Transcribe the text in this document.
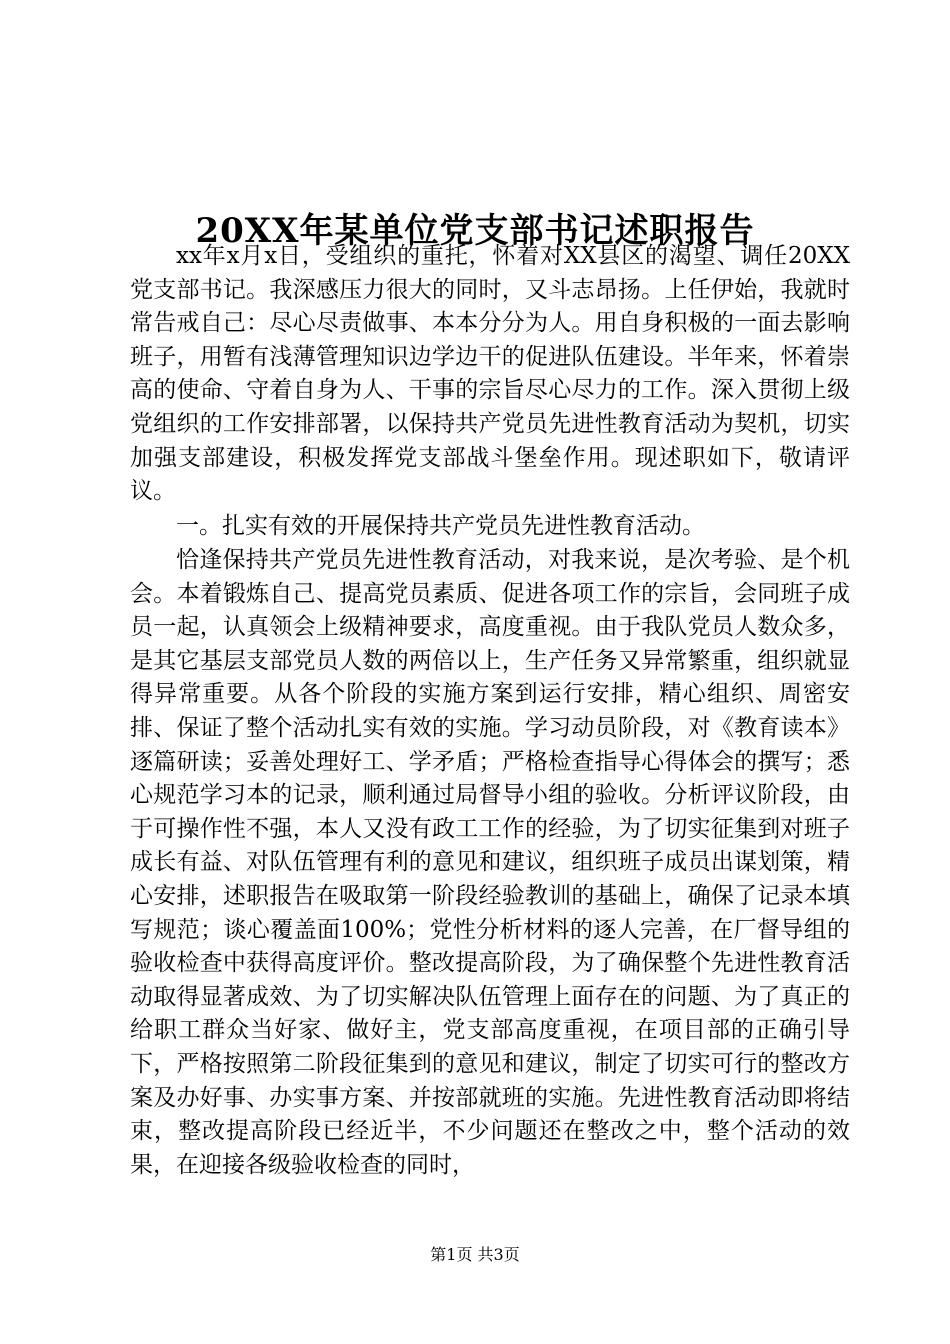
20XX年某单位党支部书记述职报告

xx年x月x日，受组织的重托，怀着对XX县区的渴望、调任20XX党支部书记。我深感压力很大的同时，又斗志昂扬。上任伊始，我就时常告戒自己：尽心尽责做事、本本分分为人。用自身积极的一面去影响班子，用暂有浅薄管理知识边学边干的促进队伍建设。半年来，怀着崇高的使命、守着自身为人、干事的宗旨尽心尽力的工作。深入贯彻上级党组织的工作安排部署，以保持共产党员先进性教育活动为契机，切实加强支部建设，积极发挥党支部战斗堡垒作用。现述职如下，敬请评议。

一。扎实有效的开展保持共产党员先进性教育活动。

恰逢保持共产党员先进性教育活动，对我来说，是次考验、是个机会。本着锻炼自己、提高党员素质、促进各项工作的宗旨，会同班子成员一起，认真领会上级精神要求，高度重视。由于我队党员人数众多，是其它基层支部党员人数的两倍以上，生产任务又异常繁重，组织就显得异常重要。从各个阶段的实施方案到运行安排，精心组织、周密安排、保证了整个活动扎实有效的实施。学习动员阶段，对《教育读本》逐篇研读；妥善处理好工、学矛盾；严格检查指导心得体会的撰写；悉心规范学习本的记录，顺利通过局督导小组的验收。分析评议阶段，由于可操作性不强，本人又没有政工工作的经验，为了切实征集到对班子成长有益、对队伍管理有利的意见和建议，组织班子成员出谋划策，精心安排，述职报告在吸取第一阶段经验教训的基础上，确保了记录本填写规范；谈心覆盖面100%；党性分析材料的逐人完善，在厂督导组的验收检查中获得高度评价。整改提高阶段，为了确保整个先进性教育活动取得显著成效、为了切实解决队伍管理上面存在的问题、为了真正的给职工群众当好家、做好主，党支部高度重视，在项目部的正确引导下，严格按照第二阶段征集到的意见和建议，制定了切实可行的整改方案及办好事、办实事方案、并按部就班的实施。先进性教育活动即将结束，整改提高阶段已经近半，不少问题还在整改之中，整个活动的效果，在迎接各级验收检查的同时，

第1页 共3页
